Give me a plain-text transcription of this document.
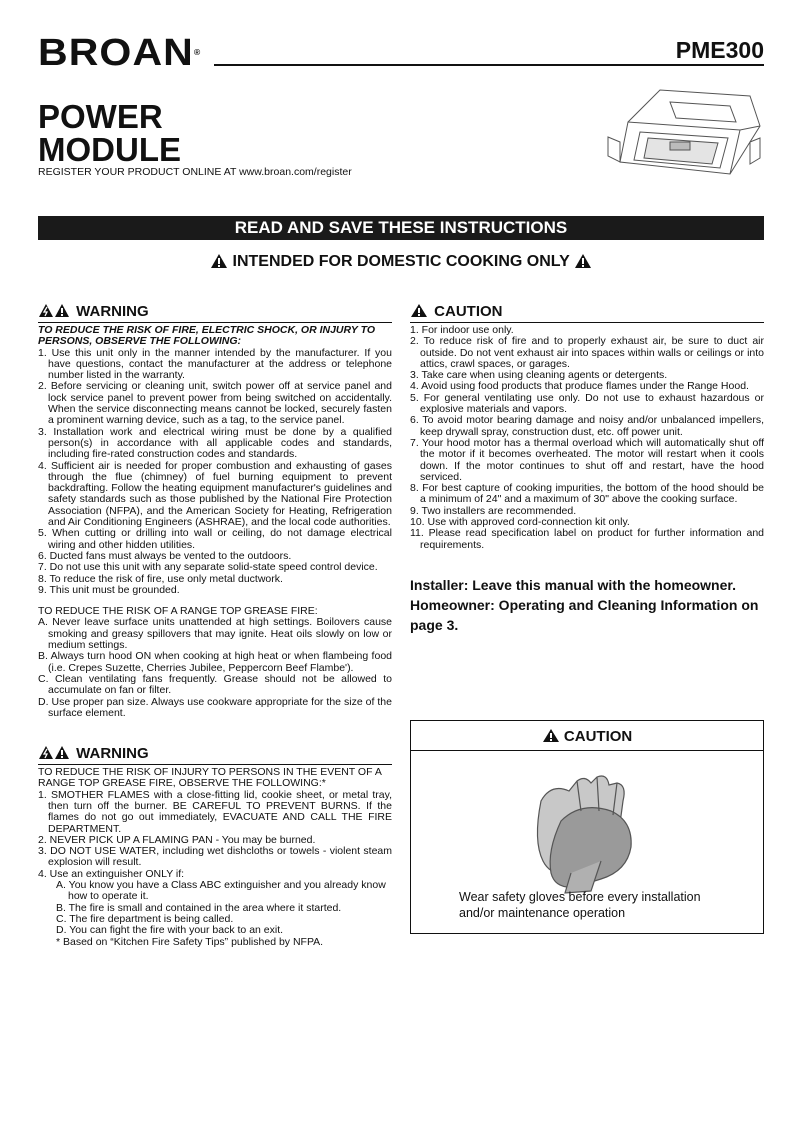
BROAN®	PME300
POWER
MODULE
REGISTER YOUR PRODUCT ONLINE AT www.broan.com/register
READ AND SAVE THESE INSTRUCTIONS
INTENDED FOR DOMESTIC COOKING ONLY
WARNING
TO REDUCE THE RISK OF FIRE, ELECTRIC SHOCK, OR INJURY TO PERSONS, OBSERVE THE FOLLOWING:
1. Use this unit only in the manner intended by the manufacturer. If you have questions, contact the manufacturer at the address or telephone number listed in the warranty.
2. Before servicing or cleaning unit, switch power off at service panel and lock service panel to prevent power from being switched on accidentally. When the service disconnecting means cannot be locked, securely fasten a prominent warning device, such as a tag, to the service panel.
3. Installation work and electrical wiring must be done by a qualified person(s) in accordance with all applicable codes and standards, including fire-rated construction codes and standards.
4. Sufficient air is needed for proper combustion and exhausting of gases through the flue (chimney) of fuel burning equipment to prevent backdrafting. Follow the heating equipment manufacturer's guidelines and safety standards such as those published by the National Fire Protection Association (NFPA), and the American Society for Heating, Refrigeration and Air Conditioning Engineers (ASHRAE), and the local code authorities.
5. When cutting or drilling into wall or ceiling, do not damage electrical wiring and other hidden utilities.
6. Ducted fans must always be vented to the outdoors.
7. Do not use this unit with any separate solid-state speed control device.
8. To reduce the risk of fire, use only metal ductwork.
9. This unit must be grounded.
TO REDUCE THE RISK OF A RANGE TOP GREASE FIRE:
A. Never leave surface units unattended at high settings. Boilovers cause smoking and greasy spillovers that may ignite. Heat oils slowly on low or medium settings.
B. Always turn hood ON when cooking at high heat or when flambeing food (i.e. Crepes Suzette, Cherries Jubilee, Peppercorn Beef Flambe').
C. Clean ventilating fans frequently. Grease should not be allowed to accumulate on fan or filter.
D. Use proper pan size. Always use cookware appropriate for the size of the surface element.
WARNING
TO REDUCE THE RISK OF INJURY TO PERSONS IN THE EVENT OF A RANGE TOP GREASE FIRE, OBSERVE THE FOLLOWING:*
1. SMOTHER FLAMES with a close-fitting lid, cookie sheet, or metal tray, then turn off the burner. BE CAREFUL TO PREVENT BURNS. If the flames do not go out immediately, EVACUATE AND CALL THE FIRE DEPARTMENT.
2. NEVER PICK UP A FLAMING PAN - You may be burned.
3. DO NOT USE WATER, including wet dishcloths or towels - violent steam explosion will result.
4. Use an extinguisher ONLY if:
A. You know you have a Class ABC extinguisher and you already know how to operate it.
B. The fire is small and contained in the area where it started.
C. The fire department is being called.
D. You can fight the fire with your back to an exit.
* Based on “Kitchen Fire Safety Tips” published by NFPA.
CAUTION
1. For indoor use only.
2. To reduce risk of fire and to properly exhaust air, be sure to duct air outside. Do not vent exhaust air into spaces within walls or ceilings or into attics, crawl spaces, or garages.
3. Take care when using cleaning agents or detergents.
4. Avoid using food products that produce flames under the Range Hood.
5. For general ventilating use only. Do not use to exhaust hazardous or explosive materials and vapors.
6. To avoid motor bearing damage and noisy and/or unbalanced impellers, keep drywall spray, construction dust, etc. off power unit.
7. Your hood motor has a thermal overload which will automatically shut off the motor if it becomes overheated. The motor will restart when it cools down. If the motor continues to shut off and restart, have the hood serviced.
8. For best capture of cooking impurities, the bottom of the hood should be a minimum of 24" and a maximum of 30" above the cooking surface.
9. Two installers are recommended.
10. Use with approved cord-connection kit only.
11. Please read specification label on product for further information and requirements.
Installer: Leave this manual with the homeowner. Homeowner: Operating and Cleaning Information on page 3.
CAUTION
Wear safety gloves before every installation and/or maintenance operation
